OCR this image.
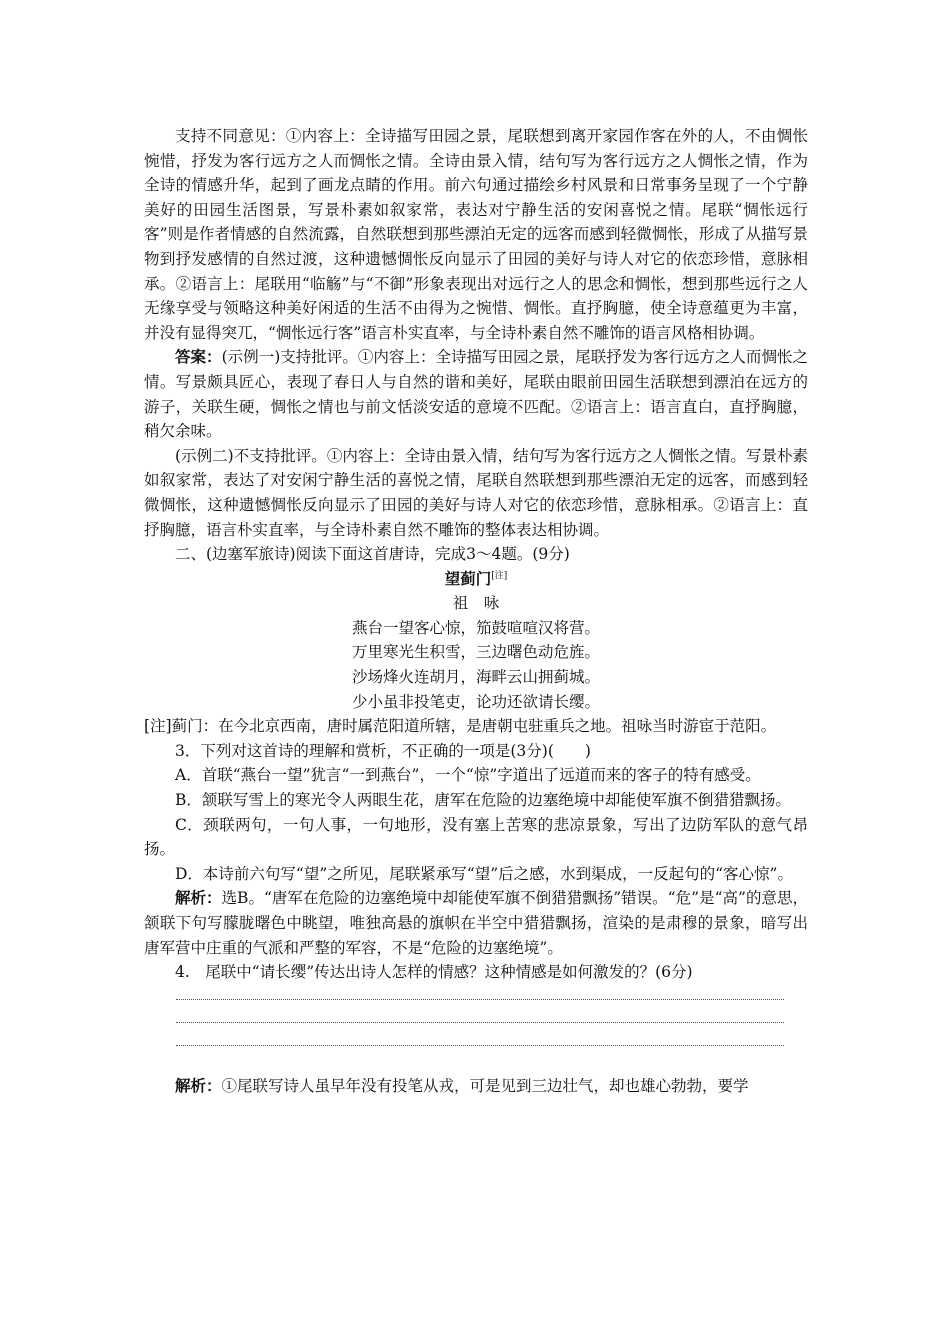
支持不同意见：①内容上：全诗描写田园之景，尾联想到离开家园作客在外的人，不由惆怅惋惜，抒发为客行远方之人而惆怅之情。全诗由景入情，结句写为客行远方之人惆怅之情，作为全诗的情感升华，起到了画龙点睛的作用。前六句通过描绘乡村风景和日常事务呈现了一个宁静美好的田园生活图景，写景朴素如叙家常，表达对宁静生活的安闲喜悦之情。尾联“惆怅远行客”则是作者情感的自然流露，自然联想到那些漂泊无定的远客而感到轻微惆怅，形成了从描写景物到抒发感情的自然过渡，这种遗憾惆怅反向显示了田园的美好与诗人对它的依恋珍惜，意脉相承。②语言上：尾联用“临觞”与“不御”形象表现出对远行之人的思念和惆怅，想到那些远行之人无缘享受与领略这种美好闲适的生活不由得为之惋惜、惆怅。直抒胸臆，使全诗意蕴更为丰富，并没有显得突兀，“惆怅远行客”语言朴实直率，与全诗朴素自然不雕饰的语言风格相协调。

答案：(示例一)支持批评。①内容上：全诗描写田园之景，尾联抒发为客行远方之人而惆怅之情。写景颇具匠心，表现了春日人与自然的谐和美好，尾联由眼前田园生活联想到漂泊在远方的游子，关联生硬，惆怅之情也与前文恬淡安适的意境不匹配。②语言上：语言直白，直抒胸臆，稍欠余味。

(示例二)不支持批评。①内容上：全诗由景入情，结句写为客行远方之人惆怅之情。写景朴素如叙家常，表达了对安闲宁静生活的喜悦之情，尾联自然联想到那些漂泊无定的远客，而感到轻微惆怅，这种遗憾惆怅反向显示了田园的美好与诗人对它的依恋珍惜，意脉相承。②语言上：直抒胸臆，语言朴实直率，与全诗朴素自然不雕饰的整体表达相协调。

二、(边塞军旅诗)阅读下面这首唐诗，完成3～4题。(9分)

望蓟门[注]

祖　咏

燕台一望客心惊，笳鼓喧喧汉将营。

万里寒光生积雪，三边曙色动危旌。

沙场烽火连胡月，海畔云山拥蓟城。

少小虽非投笔吏，论功还欲请长缨。

[注]蓟门：在今北京西南，唐时属范阳道所辖，是唐朝屯驻重兵之地。祖咏当时游宦于范阳。

3．下列对这首诗的理解和赏析，不正确的一项是(3分)(　　)

A．首联“燕台一望”犹言“一到燕台”，一个“惊”字道出了远道而来的客子的特有感受。

B．颔联写雪上的寒光令人两眼生花，唐军在危险的边塞绝境中却能使军旗不倒猎猎飘扬。

C．颈联两句，一句人事，一句地形，没有塞上苦寒的悲凉景象，写出了边防军队的意气昂扬。

D．本诗前六句写“望”之所见，尾联紧承写“望”后之感，水到渠成，一反起句的“客心惊”。

解析：选B。“唐军在危险的边塞绝境中却能使军旗不倒猎猎飘扬”错误。“危”是“高”的意思，颔联下句写朦胧曙色中眺望，唯独高悬的旗帜在半空中猎猎飘扬，渲染的是肃穆的景象，暗写出唐军营中庄重的气派和严整的军容，不是“危险的边塞绝境”。

4.　尾联中“请长缨”传达出诗人怎样的情感？这种情感是如何激发的？(6分)

解析：①尾联写诗人虽早年没有投笔从戎，可是见到三边壮气，却也雄心勃勃，要学
